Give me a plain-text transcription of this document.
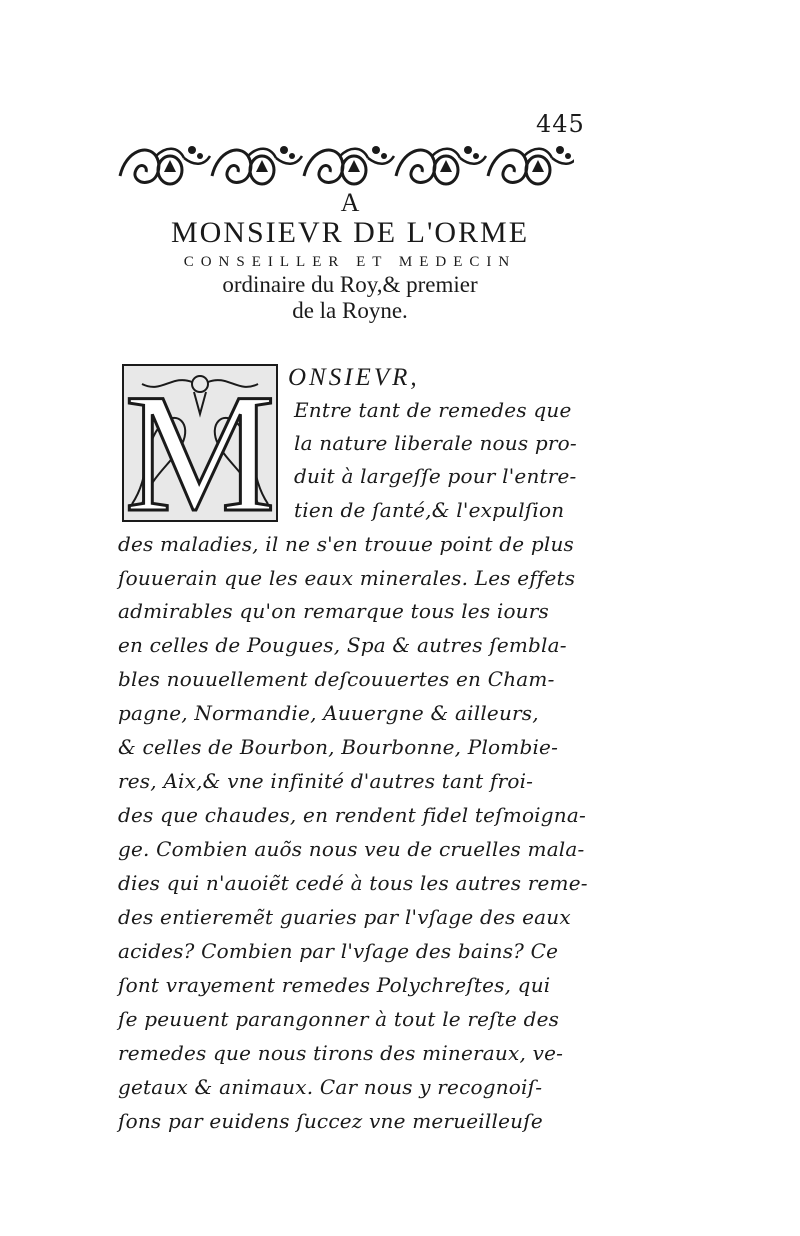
445
A
MONSIEVR DE L'ORME
CONSEILLER ET MEDECIN
ordinaire du Roy,& premier
de la Royne.
M ONSIEVR,
Entre tant de remedes que
la nature liberale nous pro-
duit à largeſſe pour l'entre-
tien de ſanté,& l'expulſion
des maladies, il ne s'en trouue point de plus
ſouuerain que les eaux minerales. Les effets
admirables qu'on remarque tous les iours
en celles de Pougues, Spa & autres ſembla-
bles nouuellement deſcouuertes en Cham-
pagne, Normandie, Auuergne & ailleurs,
& celles de Bourbon, Bourbonne, Plombie-
res, Aix,& vne infinité d'autres tant froi-
des que chaudes, en rendent fidel teſmoigna-
ge. Combien auõs nous veu de cruelles mala-
dies qui n'auoiẽt cedé à tous les autres reme-
des entieremẽt guaries par l'vſage des eaux
acides? Combien par l'vſage des bains? Ce
ſont vrayement remedes Polychreſtes, qui
ſe peuuent parangonner à tout le reſte des
remedes que nous tirons des mineraux, ve-
getaux & animaux. Car nous y recognoiſ-
ſons par euidens ſuccez vne merueilleuſe
